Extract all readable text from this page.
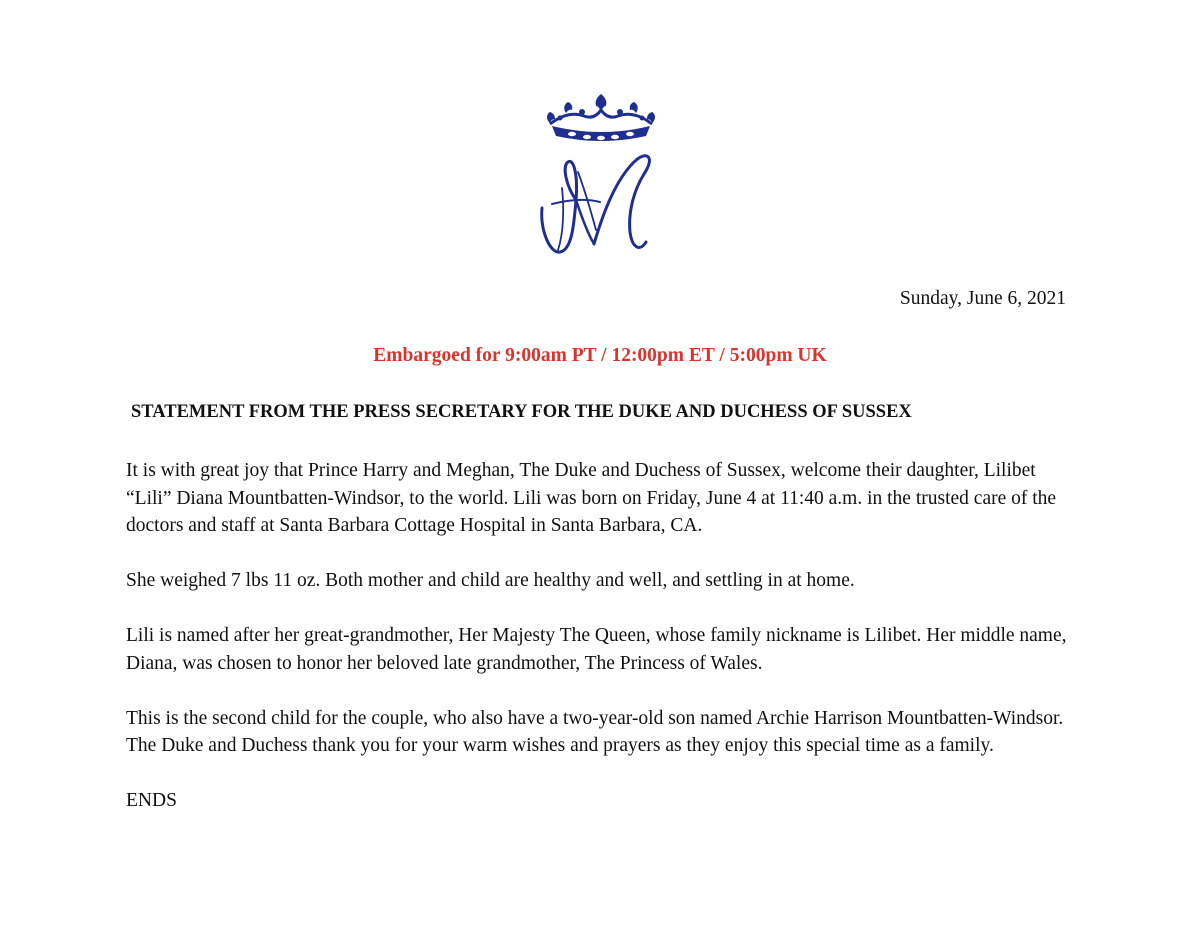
Sunday, June 6, 2021
Embargoed for 9:00am PT / 12:00pm ET / 5:00pm UK
STATEMENT FROM THE PRESS SECRETARY FOR THE DUKE AND DUCHESS OF SUSSEX

It is with great joy that Prince Harry and Meghan, The Duke and Duchess of Sussex, welcome their daughter, Lilibet “Lili” Diana Mountbatten-Windsor, to the world. Lili was born on Friday, June 4 at 11:40 a.m. in the trusted care of the doctors and staff at Santa Barbara Cottage Hospital in Santa Barbara, CA.

She weighed 7 lbs 11 oz. Both mother and child are healthy and well, and settling in at home.

Lili is named after her great-grandmother, Her Majesty The Queen, whose family nickname is Lilibet. Her middle name, Diana, was chosen to honor her beloved late grandmother, The Princess of Wales.

This is the second child for the couple, who also have a two-year-old son named Archie Harrison Mountbatten-Windsor. The Duke and Duchess thank you for your warm wishes and prayers as they enjoy this special time as a family.

ENDS
